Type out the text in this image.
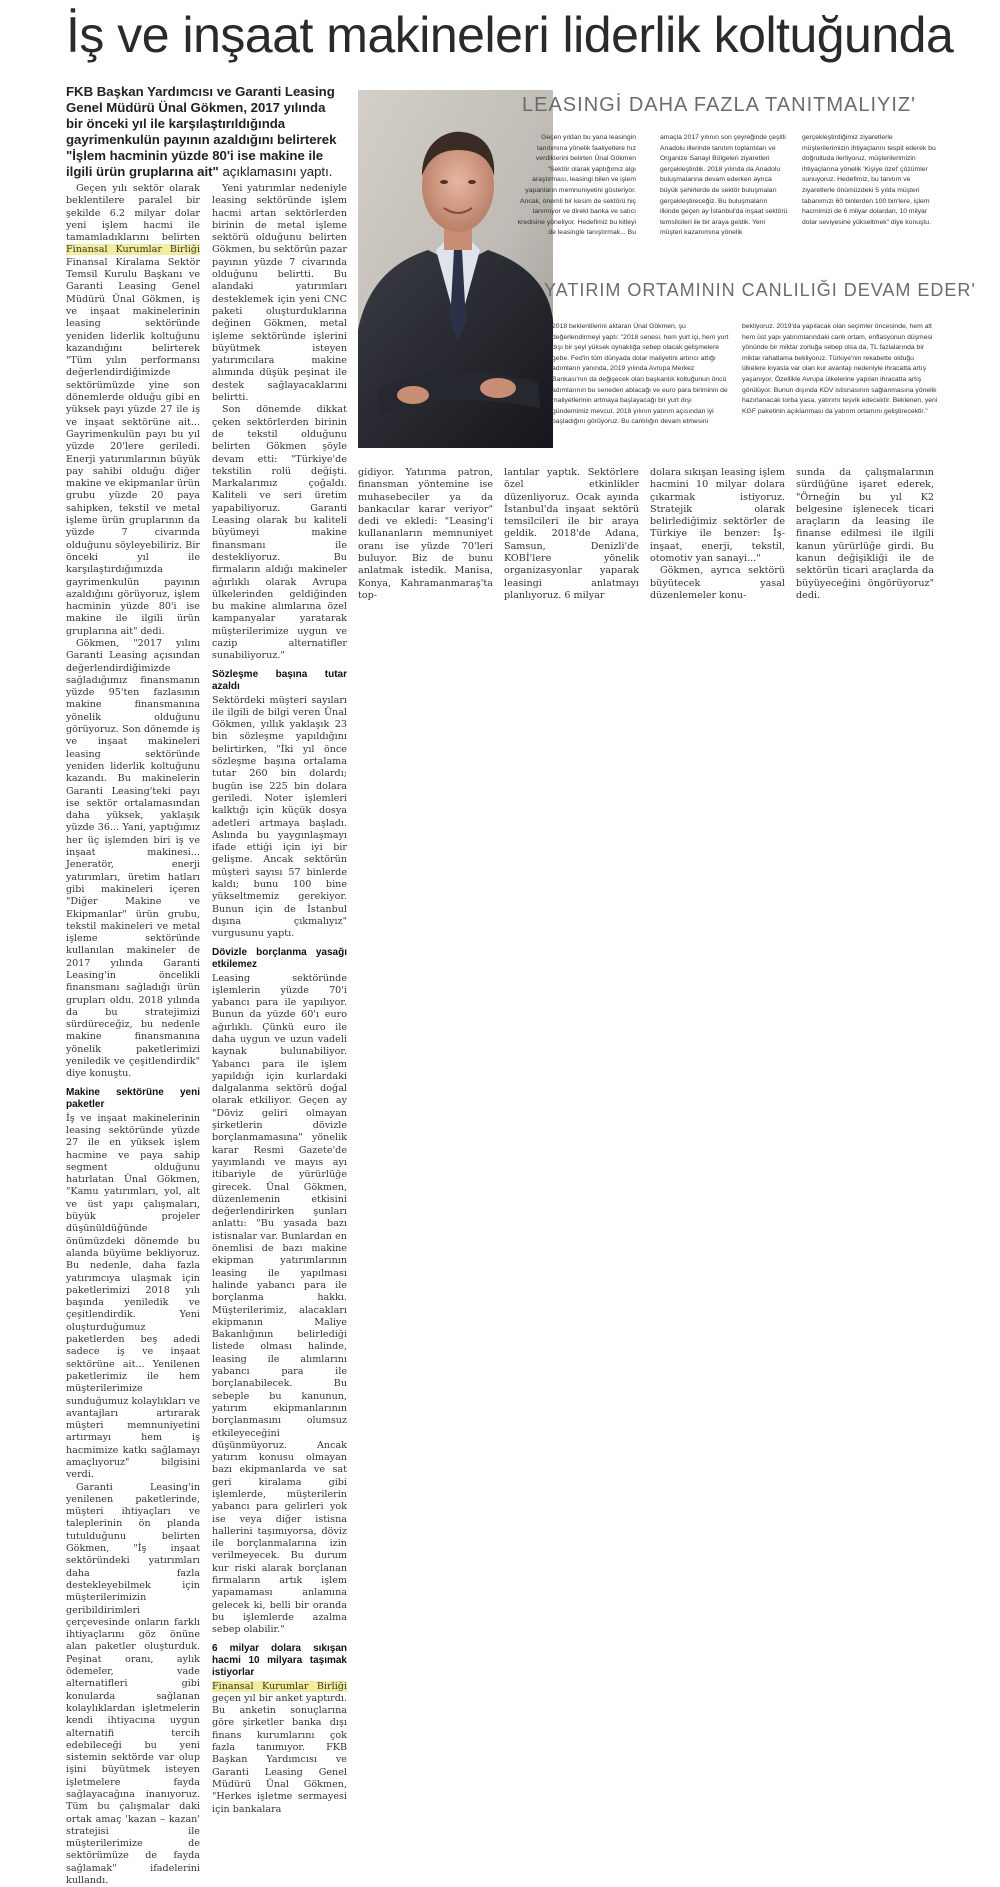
İş ve inşaat makineleri liderlik koltuğunda
FKB Başkan Yardımcısı ve Garanti Leasing Genel Müdürü Ünal Gökmen, 2017 yılında bir önceki yıl ile karşılaştırıldığında gayrimenkulün payının azaldığını belirterek "İşlem hacminin yüzde 80'i ise makine ile ilgili ürün gruplarına ait" açıklamasını yaptı.

Geçen yılı sektör olarak beklentilere paralel bir şekilde 6.2 milyar dolar yeni işlem hacmi ile tamamladıklarını belirten Finansal Kurumlar Birliği Finansal Kiralama Sektör Temsil Kurulu Başkanı ve Garanti Leasing Genel Müdürü Ünal Gökmen, iş ve inşaat makinelerinin leasing sektöründe yeniden liderlik koltuğunu kazandığını belirterek "Tüm yılın performansı değerlendirdiğimizde sektörümüzde yine son dönemlerde olduğu gibi en yüksek payı yüzde 27 ile iş ve inşaat sektörüne ait... Gayrimenkulün payı bu yıl yüzde 20'lere geriledi. Enerji yatırımlarının büyük pay sahibi olduğu diğer makine ve ekipmanlar ürün grubu yüzde 20 paya sahipken, tekstil ve metal işleme ürün gruplarının da yüzde 7 civarında olduğunu söyleyebiliriz. Bir önceki yıl ile karşılaştırdığımızda gayrimenkulün payının azaldığını görüyoruz, işlem hacminin yüzde 80'i ise makine ile ilgili ürün gruplarına ait" dedi.

Gökmen, "2017 yılını Garanti Leasing açısından değerlendirdiğimizde sağladığımız finansmanın yüzde 95'ten fazlasının makine finansmanına yönelik olduğunu görüyoruz. Son dönemde iş ve inşaat makineleri leasing sektöründe yeniden liderlik koltuğunu kazandı. Bu makinelerin Garanti Leasing'teki payı ise sektör ortalamasından daha yüksek, yaklaşık yüzde 36... Yani, yaptığımız her üç işlemden biri iş ve inşaat makinesi... Jeneratör, enerji yatırımları, üretim hatları gibi makineleri içeren "Diğer Makine ve Ekipmanlar" ürün grubu, tekstil makineleri ve metal işleme sektöründe kullanılan makineler de 2017 yılında Garanti Leasing'in öncelikli finansmanı sağladığı ürün grupları oldu. 2018 yılında da bu stratejimizi sürdüreceğiz, bu nedenle makine finansmanına yönelik paketlerimizi yeniledik ve çeşitlendirdik" diye konuştu.

Makine sektörüne yeni paketler

İş ve inşaat makinelerinin leasing sektöründe yüzde 27 ile en yüksek işlem hacmine ve paya sahip segment olduğunu hatırlatan Ünal Gökmen, "Kamu yatırımları, yol, alt ve üst yapı çalışmaları, büyük projeler düşünüldüğünde önümüzdeki dönemde bu alanda büyüme bekliyoruz. Bu nedenle, daha fazla yatırımcıya ulaşmak için paketlerimizi 2018 yılı başında yeniledik ve çeşitlendirdik. Yeni oluşturduğumuz paketlerden beş adedi sadece iş ve inşaat sektörüne ait... Yenilenen paketlerimiz ile hem müşterilerimize sunduğumuz kolaylıkları ve avantajları artırarak müşteri memnuniyetini artırmayı hem iş hacmimize katkı sağlamayı amaçlıyoruz" bilgisini verdi.

Garanti Leasing'in yenilenen paketlerinde, müşteri ihtiyaçları ve taleplerinin ön planda tutulduğunu belirten Gökmen, "İş inşaat sektöründeki yatırımları daha fazla destekleyebilmek için müşterilerimizin geribildirimleri çerçevesinde onların farklı ihtiyaçlarını göz önüne alan paketler oluşturduk. Peşinat oranı, aylık ödemeler, vade alternatifleri gibi konularda sağlanan kolaylıklardan işletmelerin kendi ihtiyacına uygun alternatifi tercih edebileceği bu yeni sistemin sektörde var olup işini büyütmek isteyen işletmelere fayda sağlayacağına inanıyoruz. Tüm bu çalışmalar daki ortak amaç 'kazan – kazan' stratejisi ile müşterilerimize de sektörümüze de fayda sağlamak" ifadelerini kullandı.

Yeni yatırımlar nedeniyle leasing sektöründe işlem hacmi artan sektörlerden birinin de metal işleme sektörü olduğunu belirten Gökmen, bu sektörün pazar payının yüzde 7 civarında olduğunu belirtti. Bu alandaki yatırımları desteklemek için yeni CNC paketi oluşturduklarına değinen Gökmen, metal işleme sektöründe işlerini büyütmek isteyen yatırımcılara makine alımında düşük peşinat ile destek sağlayacaklarını belirtti.

Son dönemde dikkat çeken sektörlerden birinin de tekstil olduğunu belirten Gökmen şöyle devam etti: "Türkiye'de tekstilin rolü değişti. Markalarımız çoğaldı. Kaliteli ve seri üretim yapabiliyoruz. Garanti Leasing olarak bu kaliteli büyümeyi makine finansmanı ile destekliyoruz. Bu firmaların aldığı makineler ağırlıklı olarak Avrupa ülkelerinden geldiğinden bu makine alımlarına özel kampanyalar yaratarak müşterilerimize uygun ve cazip alternatifler sunabiliyoruz."

Sözleşme başına tutar azaldı

Sektördeki müşteri sayıları ile ilgili de bilgi veren Ünal Gökmen, yıllık yaklaşık 23 bin sözleşme yapıldığını belirtirken, "İki yıl önce sözleşme başına ortalama tutar 260 bin dolardı; bugün ise 225 bin dolara geriledi. Noter işlemleri kalktığı için küçük dosya adetleri artmaya başladı. Aslında bu yaygınlaşmayı ifade ettiği için iyi bir gelişme. Ancak sektörün müşteri sayısı 57 binlerde kaldı; bunu 100 bine yükseltmemiz gerekiyor. Bunun için de İstanbul dışına çıkmalıyız" vurgusunu yaptı.

Dövizle borçlanma yasağı etkilemez

Leasing sektöründe işlemlerin yüzde 70'i yabancı para ile yapılıyor. Bunun da yüzde 60'ı euro ağırlıklı. Çünkü euro ile daha uygun ve uzun vadeli kaynak bulunabiliyor. Yabancı para ile işlem yapıldığı için kurlardaki dalgalanma sektörü doğal olarak etkiliyor. Geçen ay "Döviz geliri olmayan şirketlerin dövizle borçlanmamasına" yönelik karar Resmi Gazete'de yayımlandı ve mayıs ayı itibariyle de yürürlüğe girecek. Ünal Gökmen, düzenlemenin etkisini değerlendirirken şunları anlattı: "Bu yasada bazı istisnalar var. Bunlardan en önemlisi de bazı makine ekipman yatırımlarının leasing ile yapılması halinde yabancı para ile borçlanma hakkı. Müşterilerimiz, alacakları ekipmanın Maliye Bakanlığının belirlediği listede olması halinde, leasing ile alımlarını yabancı para ile borçlanabilecek. Bu sebeple bu kanunun, yatırım ekipmanlarının borçlanmasını olumsuz etkileyeceğini düşünmüyoruz. Ancak yatırım konusu olmayan bazı ekipmanlarda ve sat geri kiralama gibi işlemlerde, müşterilerin yabancı para gelirleri yok ise veya diğer istisna hallerini taşımıyorsa, döviz ile borçlanmalarına izin verilmeyecek. Bu durum kur riski alarak borçlanan firmaların artık işlem yapamaması anlamına gelecek ki, belli bir oranda bu işlemlerde azalma sebep olabilir."

6 milyar dolara sıkışan hacmi 10 milyara taşımak istiyorlar

Finansal Kurumlar Birliği geçen yıl bir anket yaptırdı. Bu anketin sonuçlarına göre şirketler banka dışı finans kurumlarını çok fazla tanımıyor. FKB Başkan Yardımcısı ve Garanti Leasing Genel Müdürü Ünal Gökmen, "Herkes işletme sermayesi için bankalara

LEASINGİ DAHA FAZLA TANITMALIYIZ'

Geçen yıldan bu yana leasingin tanıtımına yönelik faaliyetlere hız verdiklerini belirten Ünal Gökmen "Sektör olarak yaptığımız algı araştırması, leasingi bilen ve işlem yapanların memnuniyetini gösteriyor. Ancak, önemli bir kesim de sektörü hiç tanımıyor ve direkt banka ve satıcı kredisine yöneliyor. Hedefimiz bu kitleyi de leasingle tanıştırmak... Bu

amaçla 2017 yılının son çeyreğinde çeşitli Anadolu illerinde tanıtım toplantıları ve Organize Sanayi Bölgeleri ziyaretleri gerçekleştirdik. 2018 yılında da Anadolu buluşmalarına devam ederken ayrıca büyük şehirlerde de sektör buluşmaları gerçekleştireceğiz. Bu buluşmaların ilkinde geçen ay İstanbul'da inşaat sektörü temsilcileri ile bir araya geldik. Yeni müşteri kazanımına yönelik

gerçekleştirdiğimiz ziyaretlerle müşterilerimizin ihtiyaçlarını tespit ederek bu doğrultuda ilerliyoruz, müşterilerimizin ihtiyaçlarına yönelik 'Kişiye özel' çözümler sunuyoruz. Hedefimiz, bu tanıtım ve ziyaretlerle önümüzdeki 5 yılda müşteri tabanımızı 60 binlerden 100 bin'lere, işlem hacmimizi de 6 milyar dolardan, 10 milyar dolar seviyesine yükseltmek" diye konuştu.

YATIRIM ORTAMININ CANLILIĞI DEVAM EDER'

2018 beklentilerini aktaran Ünal Gökmen, şu değerlendirmeyi yaptı: "2018 senesi, hem yurt içi, hem yurt dışı bir şeyi yüksek oynaklığa sebep olacak gelişmelere gebe. Fed'in tüm dünyada dolar maliyetini artırıcı attığı adımların yanında, 2019 yılında Avrupa Merkez Bankası'nın da değişecek olan başkanlık koltuğunun öncü adımlarının bu seneden ablacağı ve euro para biriminin de maliyetlerinin artmaya başlayacağı bir yurt dışı gündemimiz mevcut. 2018 yılının yatırım açısından iyi başladığını görüyoruz. Bu canlılığın devam etmesini

bekliyoruz. 2019'da yapılacak olan seçimler öncesinde, hem alt hem üst yapı yatırımlarındaki canlı ortam, enflasyonun düşmesi yönünde bir miktar zorluğa sebep olsa da, TL fazlalarında bir miktar rahatlama bekliyoruz. Türkiye'nin rekabette olduğu ülkelere kıyasla var olan kur avantajı nedeniyle ihracatta artış yaşanıyor. Özellikle Avrupa ülkelerine yapılan ihracatta artış görülüyor. Bunun dışında KDV istisnasının sağlanmasına yönelik hazırlanacak torba yasa, yatırımı teşvik edecektir. Beklenen, yeni KGF paketinin açıklanması da yatırım ortamını geliştirecektir."

gidiyor. Yatırıma patron, finansman yöntemine ise muhasebeciler ya da bankacılar karar veriyor" dedi ve ekledi: "Leasing'i kullananların memnuniyet oranı ise yüzde 70'leri buluyor. Biz de bunu anlatmak istedik. Manisa, Konya, Kahramanmaraş'ta top-

lantılar yaptık. Sektörlere özel etkinlikler düzenliyoruz. Ocak ayında İstanbul'da inşaat sektörü temsilcileri ile bir araya geldik. 2018'de Adana, Samsun, Denizli'de KOBİ'lere yönelik organizasyonlar yaparak leasingi anlatmayı planlıyoruz. 6 milyar

dolara sıkışan leasing işlem hacmini 10 milyar dolara çıkarmak istiyoruz. Stratejik olarak belirlediğimiz sektörler de Türkiye ile benzer: İş-inşaat, enerji, tekstil, otomotiv yan sanayi..."

Gökmen, ayrıca sektörü büyütecek yasal düzenlemeler konu-

sunda da çalışmalarının sürdüğüne işaret ederek, "Örneğin bu yıl K2 belgesine işlenecek ticari araçların da leasing ile finanse edilmesi ile ilgili kanun yürürlüğe girdi. Bu kanun değişikliği ile de sektörün ticari araçlarda da büyüyeceğini öngörüyoruz" dedi.
